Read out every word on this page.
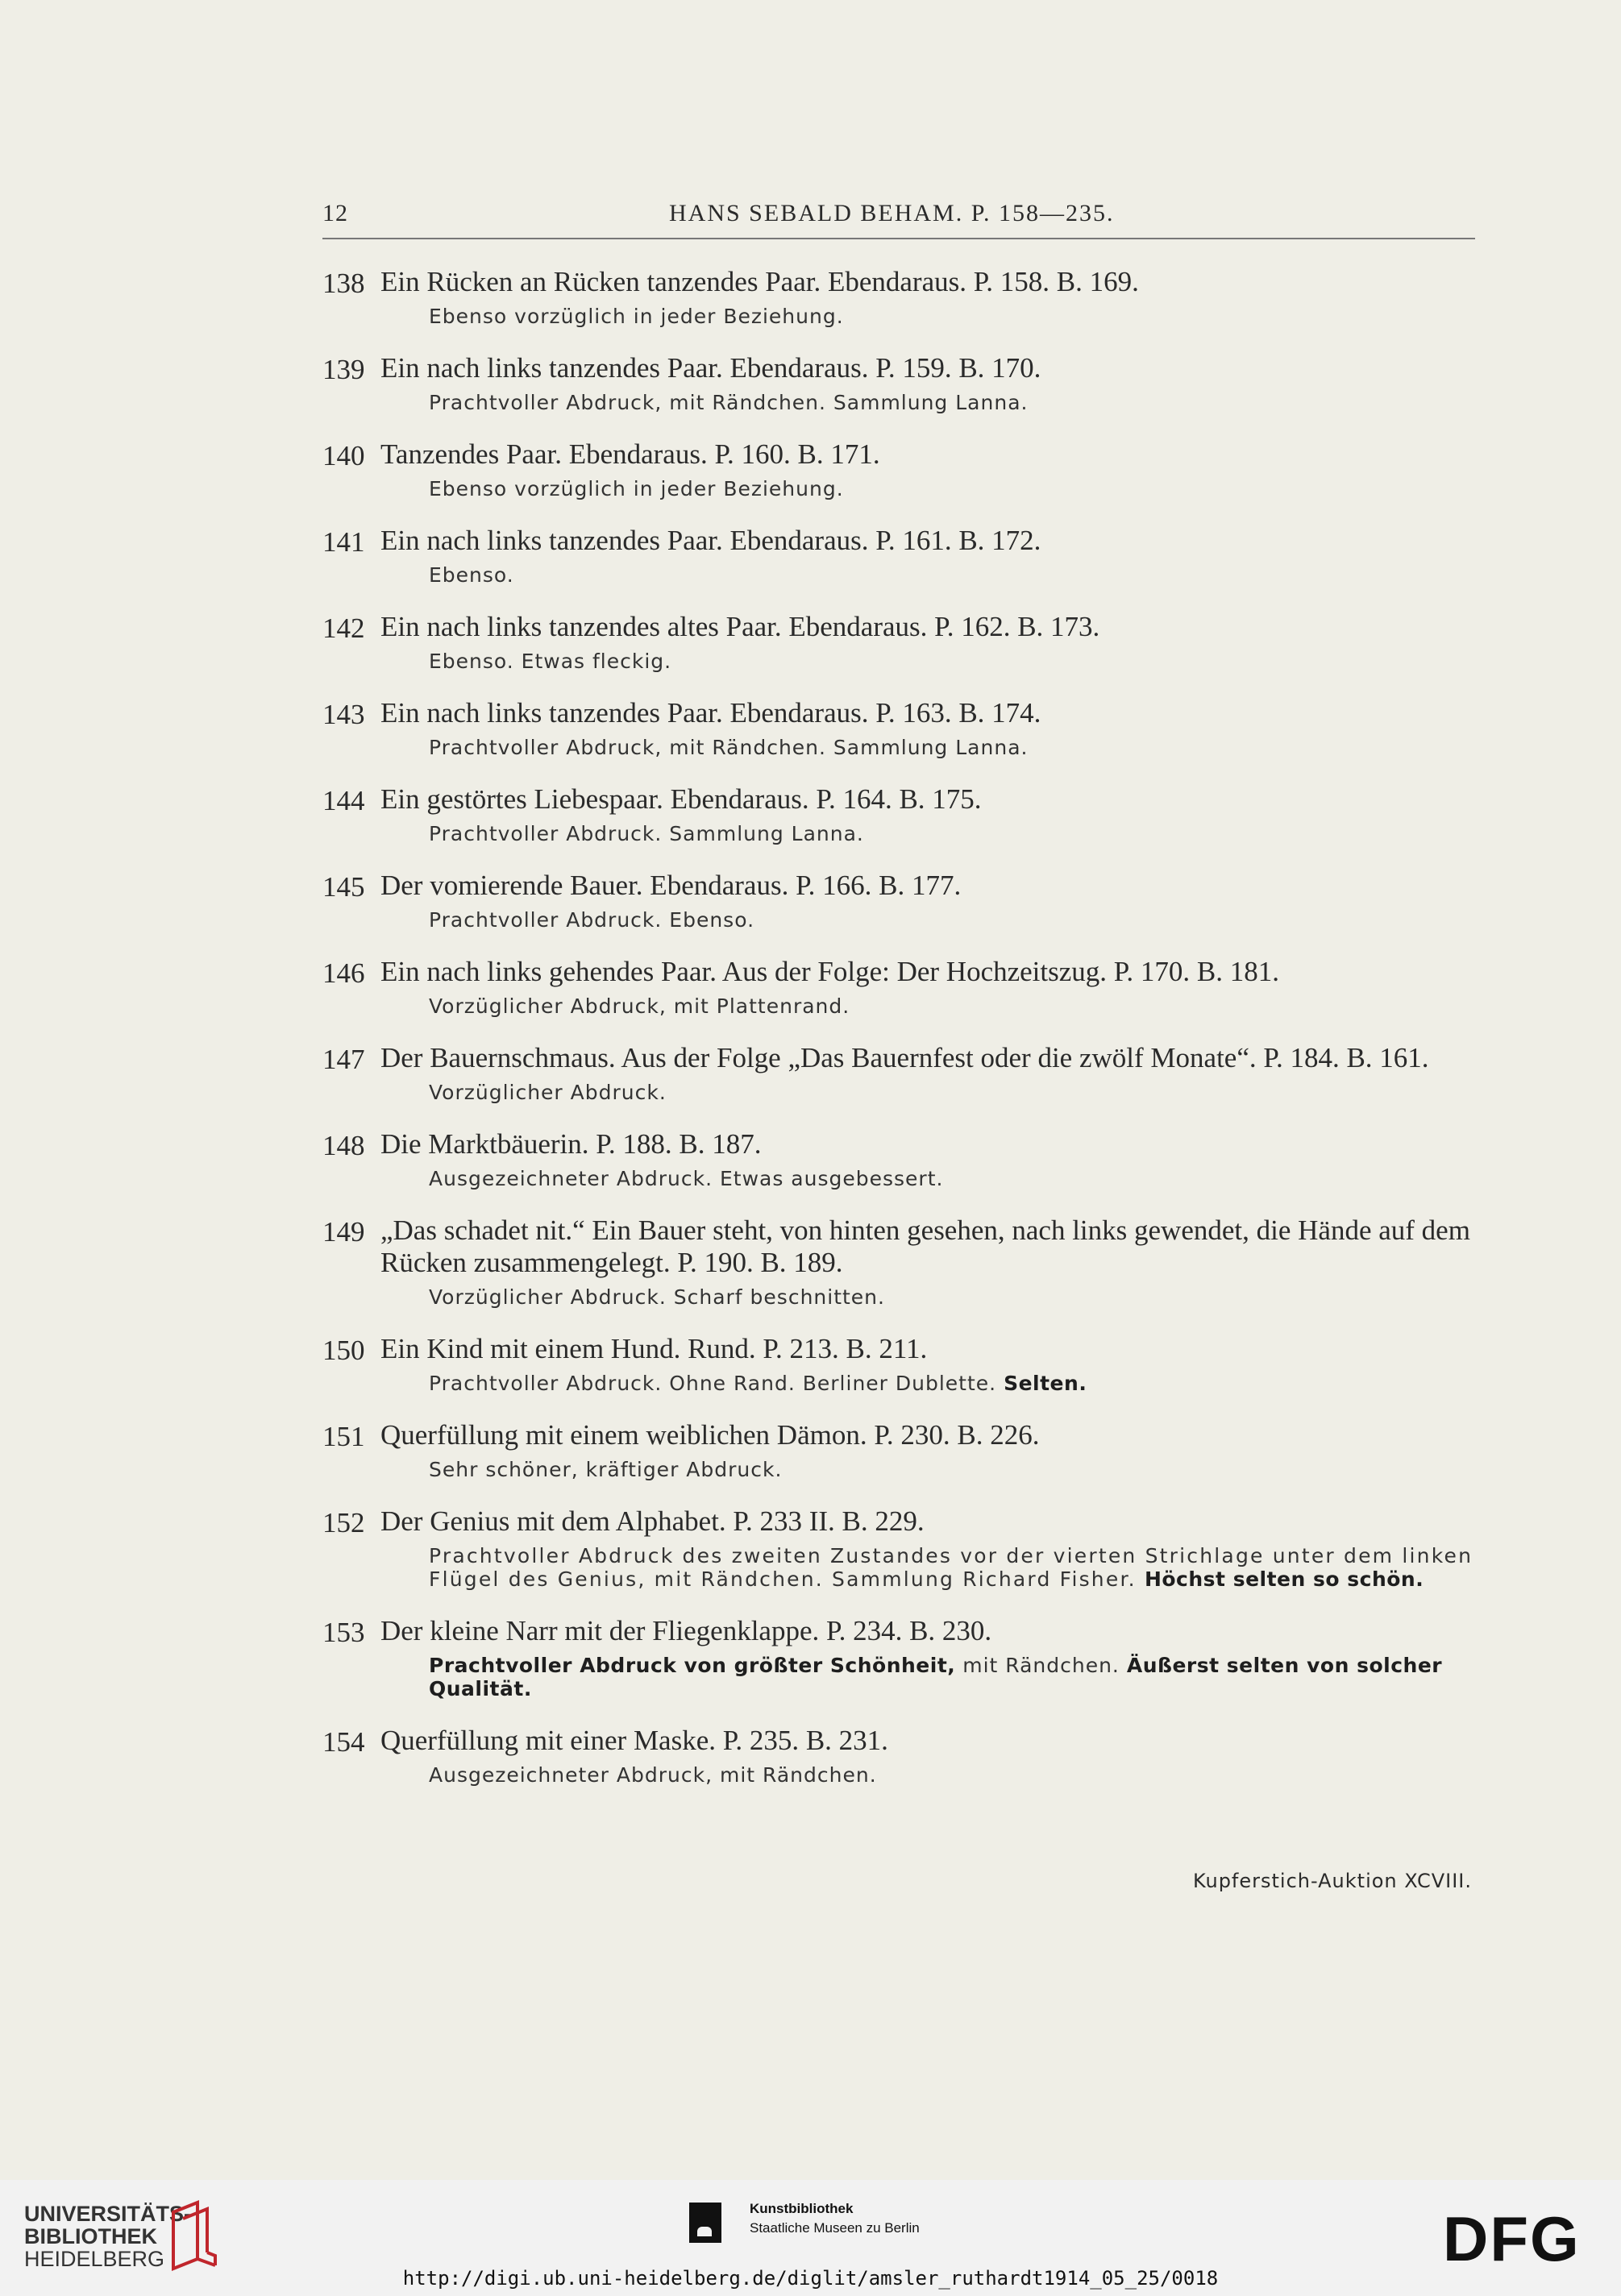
12	HANS SEBALD BEHAM. P. 158—235.
138 Ein Rücken an Rücken tanzendes Paar. Ebendaraus. P. 158. B. 169.
Ebenso vorzüglich in jeder Beziehung.
139 Ein nach links tanzendes Paar. Ebendaraus. P. 159. B. 170.
Prachtvoller Abdruck, mit Rändchen. Sammlung Lanna.
140 Tanzendes Paar. Ebendaraus. P. 160. B. 171.
Ebenso vorzüglich in jeder Beziehung.
141 Ein nach links tanzendes Paar. Ebendaraus. P. 161. B. 172.
Ebenso.
142 Ein nach links tanzendes altes Paar. Ebendaraus. P. 162. B. 173.
Ebenso. Etwas fleckig.
143 Ein nach links tanzendes Paar. Ebendaraus. P. 163. B. 174.
Prachtvoller Abdruck, mit Rändchen. Sammlung Lanna.
144 Ein gestörtes Liebespaar. Ebendaraus. P. 164. B. 175.
Prachtvoller Abdruck. Sammlung Lanna.
145 Der vomierende Bauer. Ebendaraus. P. 166. B. 177.
Prachtvoller Abdruck. Ebenso.
146 Ein nach links gehendes Paar. Aus der Folge: Der Hochzeitszug. P. 170. B. 181.
Vorzüglicher Abdruck, mit Plattenrand.
147 Der Bauernschmaus. Aus der Folge „Das Bauernfest oder die zwölf Monate“. P. 184. B. 161.
Vorzüglicher Abdruck.
148 Die Marktbäuerin. P. 188. B. 187.
Ausgezeichneter Abdruck. Etwas ausgebessert.
149 „Das schadet nit.“ Ein Bauer steht, von hinten gesehen, nach links gewendet, die Hände auf dem Rücken zusammengelegt. P. 190. B. 189.
Vorzüglicher Abdruck. Scharf beschnitten.
150 Ein Kind mit einem Hund. Rund. P. 213. B. 211.
Prachtvoller Abdruck. Ohne Rand. Berliner Dublette. Selten.
151 Querfüllung mit einem weiblichen Dämon. P. 230. B. 226.
Sehr schöner, kräftiger Abdruck.
152 Der Genius mit dem Alphabet. P. 233 II. B. 229.
Prachtvoller Abdruck des zweiten Zustandes vor der vierten Strichlage unter dem linken Flügel des Genius, mit Rändchen. Sammlung Richard Fisher. Höchst selten so schön.
153 Der kleine Narr mit der Fliegenklappe. P. 234. B. 230.
Prachtvoller Abdruck von größter Schönheit, mit Rändchen. Äußerst selten von solcher Qualität.
154 Querfüllung mit einer Maske. P. 235. B. 231.
Ausgezeichneter Abdruck, mit Rändchen.
Kupferstich-Auktion XCVIII.
UNIVERSITÄTS-
BIBLIOTHEK
HEIDELBERG
Kunstbibliothek
Staatliche Museen zu Berlin	DFG
http://digi.ub.uni-heidelberg.de/diglit/amsler_ruthardt1914_05_25/0018
